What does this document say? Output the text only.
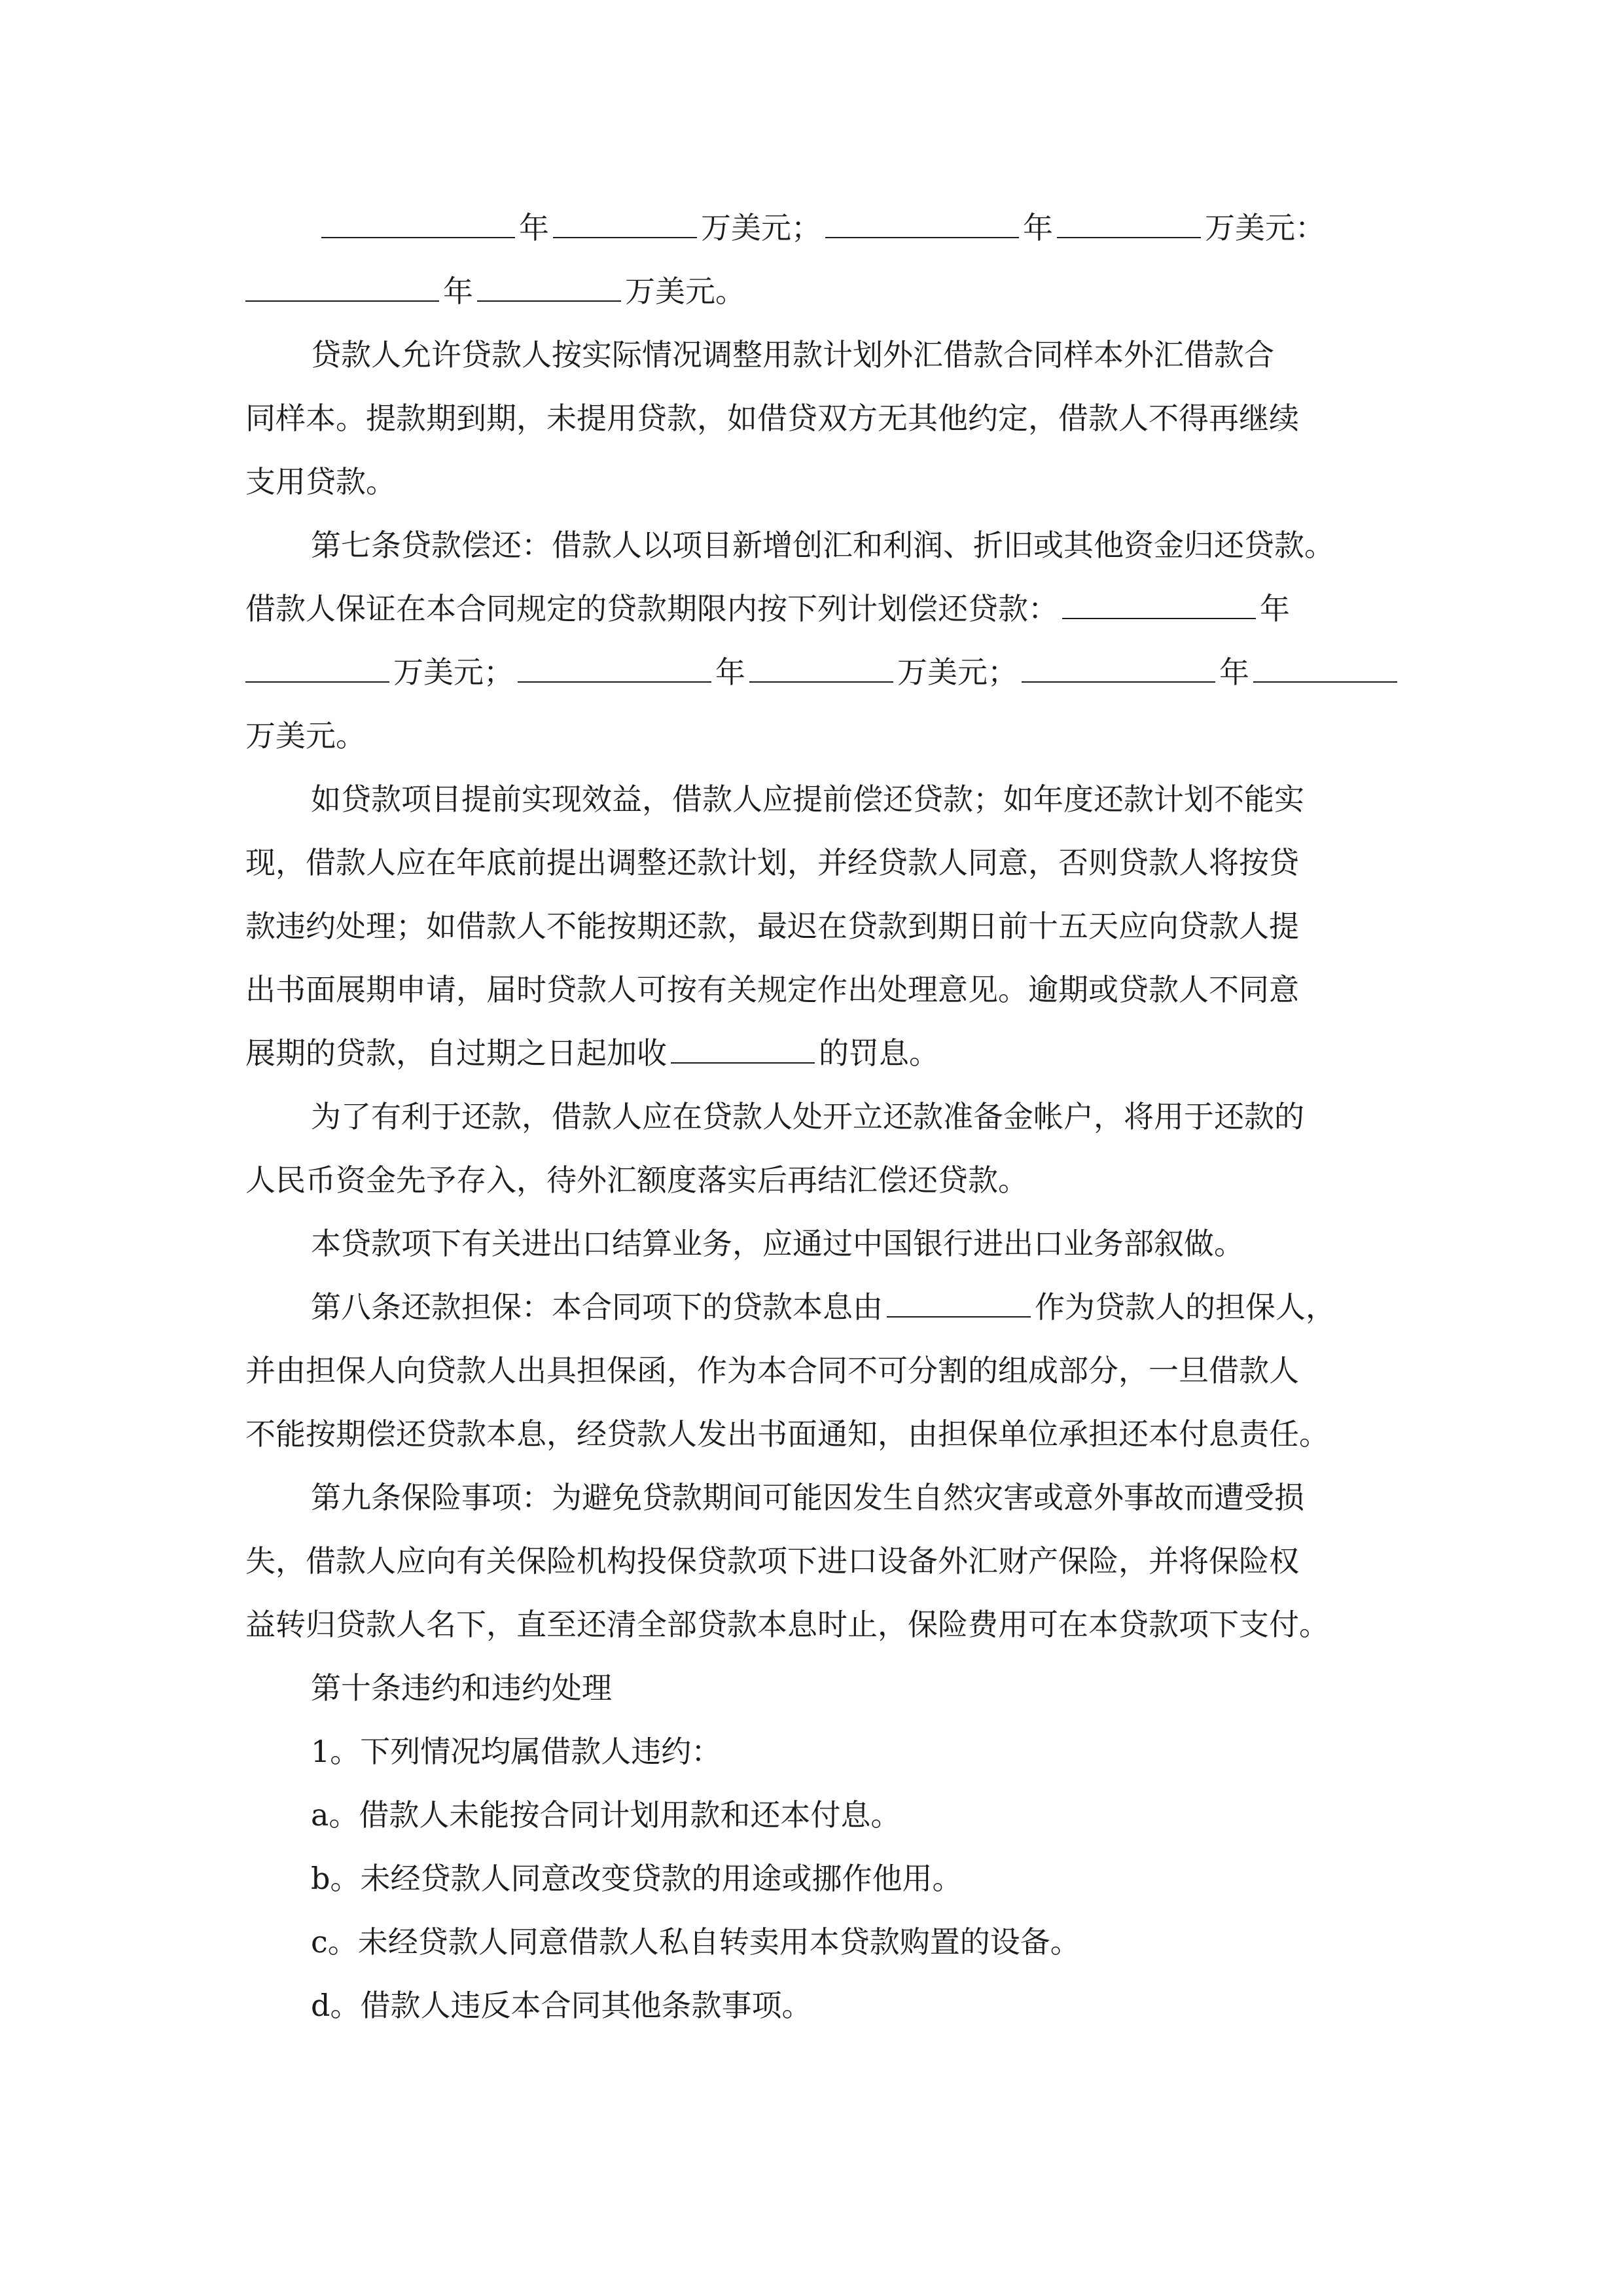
年	万美元；	年	万美元：
年	万美元。
贷款人允许贷款人按实际情况调整用款计划外汇借款合同样本外汇借款合
同样本。提款期到期，未提用贷款，如借贷双方无其他约定，借款人不得再继续
支用贷款。
第七条贷款偿还：借款人以项目新增创汇和利润、折旧或其他资金归还贷款。
借款人保证在本合同规定的贷款期限内按下列计划偿还贷款：	年
万美元；	年	万美元；	年
万美元。
如贷款项目提前实现效益，借款人应提前偿还贷款；如年度还款计划不能实
现，借款人应在年底前提出调整还款计划，并经贷款人同意，否则贷款人将按贷
款违约处理；如借款人不能按期还款，最迟在贷款到期日前十五天应向贷款人提
出书面展期申请，届时贷款人可按有关规定作出处理意见。逾期或贷款人不同意
展期的贷款，自过期之日起加收	的罚息。
为了有利于还款，借款人应在贷款人处开立还款准备金帐户，将用于还款的
人民币资金先予存入，待外汇额度落实后再结汇偿还贷款。
本贷款项下有关进出口结算业务，应通过中国银行进出口业务部叙做。
第八条还款担保：本合同项下的贷款本息由	作为贷款人的担保人，
并由担保人向贷款人出具担保函，作为本合同不可分割的组成部分，一旦借款人
不能按期偿还贷款本息，经贷款人发出书面通知，由担保单位承担还本付息责任。
第九条保险事项：为避免贷款期间可能因发生自然灾害或意外事故而遭受损
失，借款人应向有关保险机构投保贷款项下进口设备外汇财产保险，并将保险权
益转归贷款人名下，直至还清全部贷款本息时止，保险费用可在本贷款项下支付。
第十条违约和违约处理
1。下列情况均属借款人违约：
a。借款人未能按合同计划用款和还本付息。
b。未经贷款人同意改变贷款的用途或挪作他用。
c。未经贷款人同意借款人私自转卖用本贷款购置的设备。
d。借款人违反本合同其他条款事项。
